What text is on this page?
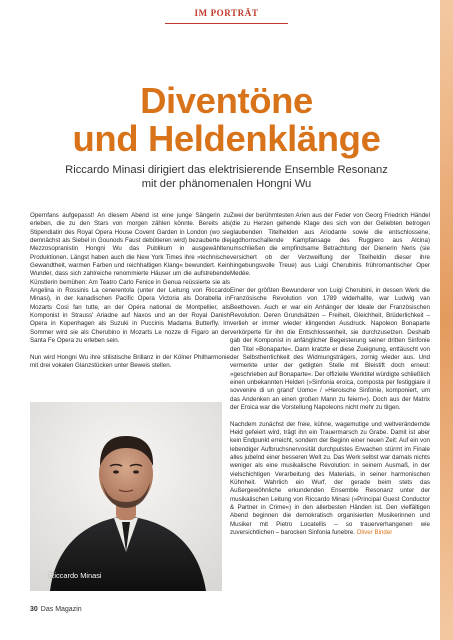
IM PORTRÄT
Diventöne
und Heldenklänge
Riccardo Minasi dirigiert das elektrisierende Ensemble Resonanz
mit der phänomenalen Hongni Wu

Opernfans aufgepasst! An diesem Abend ist eine junge Sängerin zu erleben, die zu den Stars von morgen zählen könnte. Bereits als Stipendiatin des Royal Opera House Covent Garden in London (wo sie demnächst als Siebel in Gounods Faust debütieren wird) bezauberte die Mezzosopranistin Hongni Wu das Publikum in ausgewählten Produktionen. Längst haben auch die New York Times ihre »technische Gewandtheit, warmen Farben und reichhaltigen Klang« bewundert. Kein Wunder, dass sich zahlreiche renommierte Häuser um die aufstrebende Künstlerin bemühen: Am Teatro Carlo Fenice in Genua reüssierte sie als Angelina in Rossinis La cenerentola (unter der Leitung von Riccardo Minasi), in der kanadischen Pacific Opera Victoria als Dorabella in Mozarts Così fan tutte, an der Opéra national de Montpellier, als Komponist in Strauss' Ariadne auf Naxos und an der Royal Danish Opera in Kopenhagen als Suzuki in Puccinis Madama Butterfly. Im Sommer wird sie als Cherubino in Mozarts Le nozze di Figaro an der Santa Fe Opera zu erleben sein.

Nun wird Hongni Wu ihre stilistische Brillanz in der Kölner Philharmonie mit drei vokalen Glanzstücken unter Beweis stellen.

Riccardo Minasi

Zwei der berühmtesten Arien aus der Feder von Georg Friedrich Händel (die zu Herzen gehende Klage des sich von der Geliebten betrogen glaubenden Titelhelden aus Ariodante sowie die entschlossene, jagdhornschallende Kampfansage des Ruggiero aus Alcina) umschließen die empfindsame Betrachtung der Dienerin Neris (sie versichert ob der Verzweiflung der Titelheldin dieser ihre hingebungsvolle Treue) aus Luigi Cherubinis frühromantischer Oper Medée.

Einer der größten Bewunderer von Luigi Cherubini, in dessen Werk die Französische Revolution von 1789 widerhallte, war Ludwig van Beethoven. Auch er war ein Anhänger der Ideale der Französischen Revolution. Deren Grundsätzen – Freiheit, Gleichheit, Brüderlichkeit – verlieh er immer wieder klingenden Ausdruck. Napoleon Bonaparte verkörperte für ihn die Entschlossenheit, sie durchzusetzen. Deshalb gab der Komponist in anfänglicher Begeisterung seiner dritten Sinfonie den Titel »Bonaparte«. Dann kratzte er diese Zueignung, enttäuscht von der Selbstherrlichkeit des Widmungsträgers, zornig wieder aus. Und vermerkte unter der getilgten Stelle mit Bleistift doch erneut: »geschrieben auf Bonaparte«. Der offizielle Werktitel würdigte schließlich einen unbekannten Helden (»Sinfonia eroica, composta per festiggiare il sovvenire di un grand' Uomo« / »Heroische Sinfonie, komponiert, um das Andenken an einen großen Mann zu feiern«). Doch aus der Matrix der Eroica war die Vorstellung Napoleons nicht mehr zu tilgen.

Nachdem zunächst der freie, kühne, wagemutige und weltverändernde Held gefeiert wird, trägt ihn ein Trauermarsch zu Grabe. Damit ist aber kein Endpunkt erreicht, sondern der Beginn einer neuen Zeit: Auf ein von lebendiger Aufbruchsnervosität durchpulstes Erwachen stürmt im Finale alles jubelnd einer besseren Welt zu. Das Werk selbst war damals nichts weniger als eine musikalische Revolution: in seinem Ausmaß, in der vielschichtigen Verarbeitung des Materials, in seiner harmonischen Kühnheit. Wahrlich ein Wurf, der gerade beim stets das Außergewöhnliche erkundenden Ensemble Resonanz unter der musikalischen Leitung von Riccardo Minasi (»Principal Guest Conductor & Partner in Crime«) in den allerbesten Händen ist. Den vielfältigen Abend beginnen die demokratisch organisierten Musikerinnen und Musiker mit Pietro Locatellis – so trauerverhangenen wie zuversichtlichen – barocken Sinfonia funebre. Oliver Binder

30 Das Magazin
